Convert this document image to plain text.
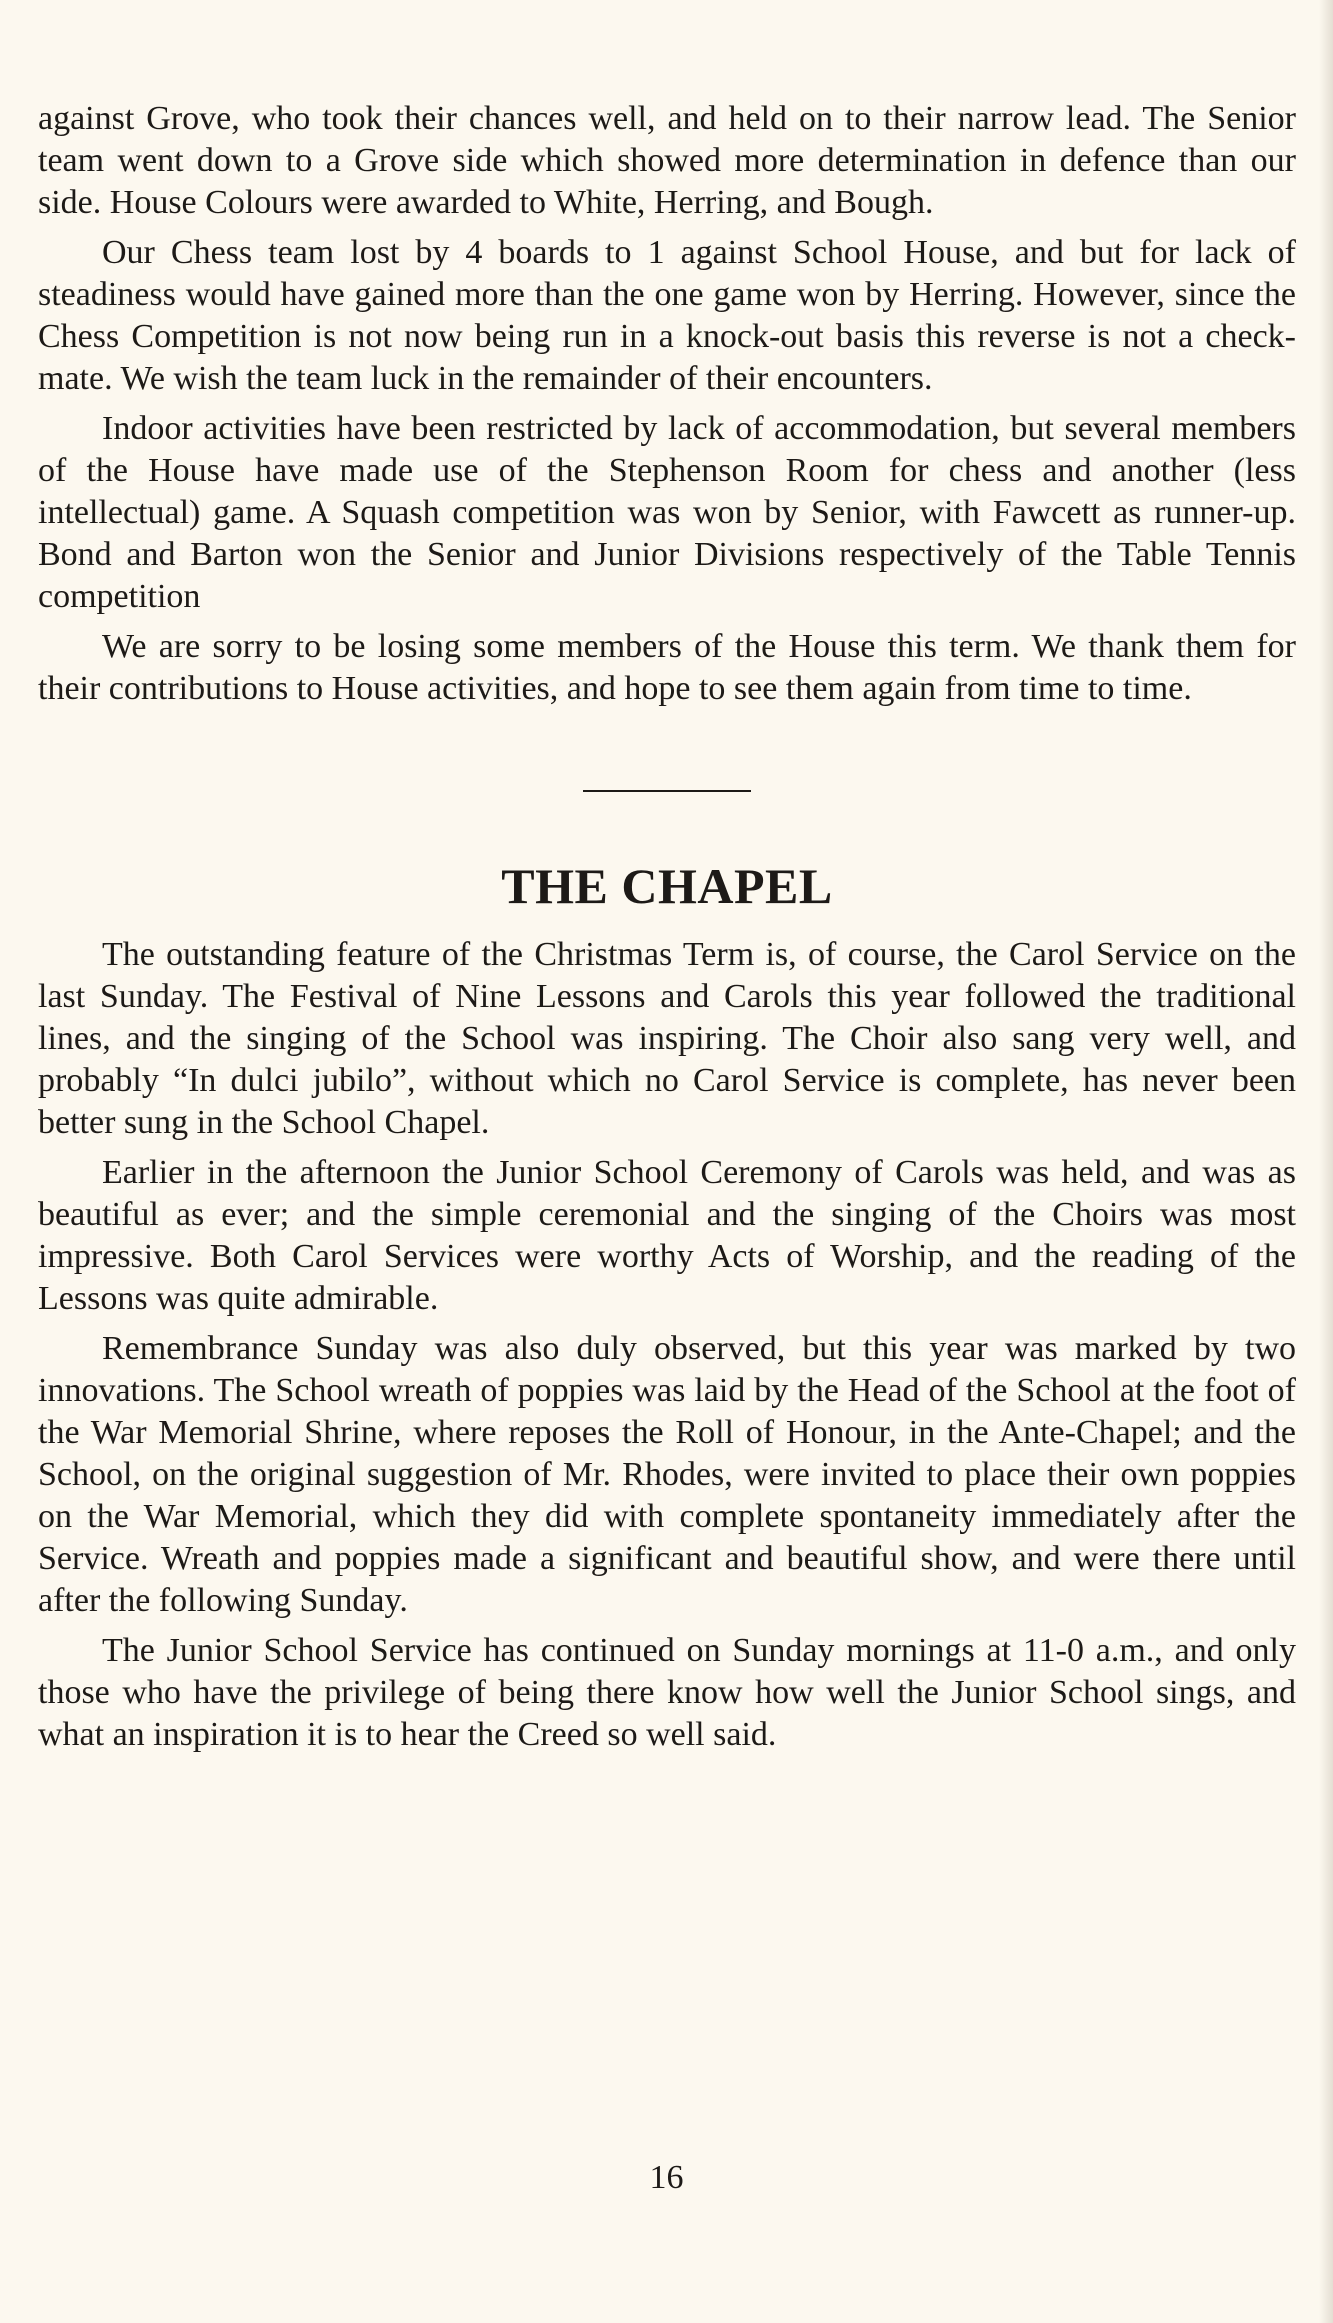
against Grove, who took their chances well, and held on to their narrow lead. The Senior team went down to a Grove side which showed more determination in defence than our side. House Colours were awarded to White, Herring, and Bough.

Our Chess team lost by 4 boards to 1 against School House, and but for lack of steadiness would have gained more than the one game won by Herring. However, since the Chess Competition is not now being run in a knock-out basis this reverse is not a check-mate. We wish the team luck in the remainder of their encounters.

Indoor activities have been restricted by lack of accommodation, but several members of the House have made use of the Stephenson Room for chess and another (less intellectual) game. A Squash competition was won by Senior, with Fawcett as runner-up. Bond and Barton won the Senior and Junior Divisions respectively of the Table Tennis competition

We are sorry to be losing some members of the House this term. We thank them for their contributions to House activities, and hope to see them again from time to time.

THE CHAPEL

The outstanding feature of the Christmas Term is, of course, the Carol Service on the last Sunday. The Festival of Nine Lessons and Carols this year followed the traditional lines, and the singing of the School was inspiring. The Choir also sang very well, and probably “In dulci jubilo”, without which no Carol Service is complete, has never been better sung in the School Chapel.

Earlier in the afternoon the Junior School Ceremony of Carols was held, and was as beautiful as ever; and the simple ceremonial and the singing of the Choirs was most impressive. Both Carol Services were worthy Acts of Worship, and the reading of the Lessons was quite admirable.

Remembrance Sunday was also duly observed, but this year was marked by two innovations. The School wreath of poppies was laid by the Head of the School at the foot of the War Memorial Shrine, where reposes the Roll of Honour, in the Ante-Chapel; and the School, on the original suggestion of Mr. Rhodes, were invited to place their own poppies on the War Memorial, which they did with complete spontaneity immediately after the Service. Wreath and poppies made a significant and beautiful show, and were there until after the following Sunday.

The Junior School Service has continued on Sunday mornings at 11-0 a.m., and only those who have the privilege of being there know how well the Junior School sings, and what an inspiration it is to hear the Creed so well said.

16
